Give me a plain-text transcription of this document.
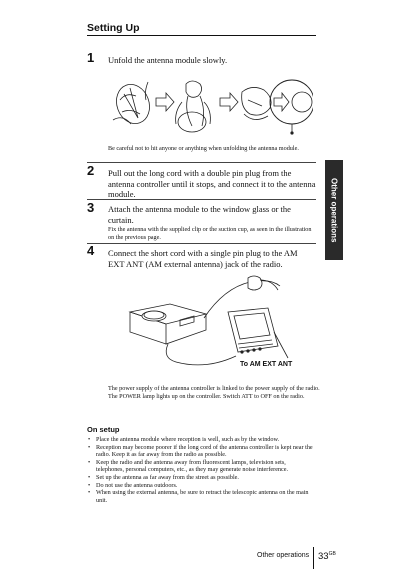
Setting Up
1 Unfold the antenna module slowly.
Be careful not to hit anyone or anything when unfolding the antenna module.
2 Pull out the long cord with a double pin plug from the antenna controller until it stops, and connect it to the antenna module.
3 Attach the antenna module to the window glass or the curtain.
Fix the antenna with the supplied clip or the suction cup, as seen in the illustration on the previous page.
4 Connect the short cord with a single pin plug to the AM EXT ANT (AM external antenna) jack of the radio.
To AM EXT ANT
The power supply of the antenna controller is linked to the power supply of the radio. The POWER lamp lights up on the controller. Switch ATT to OFF on the radio.
Other operations
On setup
• Place the antenna module where reception is well, such as by the window.
• Reception may become poorer if the long cord of the antenna controller is kept near the radio. Keep it as far away from the radio as possible.
• Keep the radio and the antenna away from fluorescent lamps, television sets, telephones, personal computers, etc., as they may generate noise interference.
• Set up the antenna as far away from the street as possible.
• Do not use the antenna outdoors.
• When using the external antenna, be sure to retract the telescopic antenna on the main unit.
Other operations $33^{GB}$
